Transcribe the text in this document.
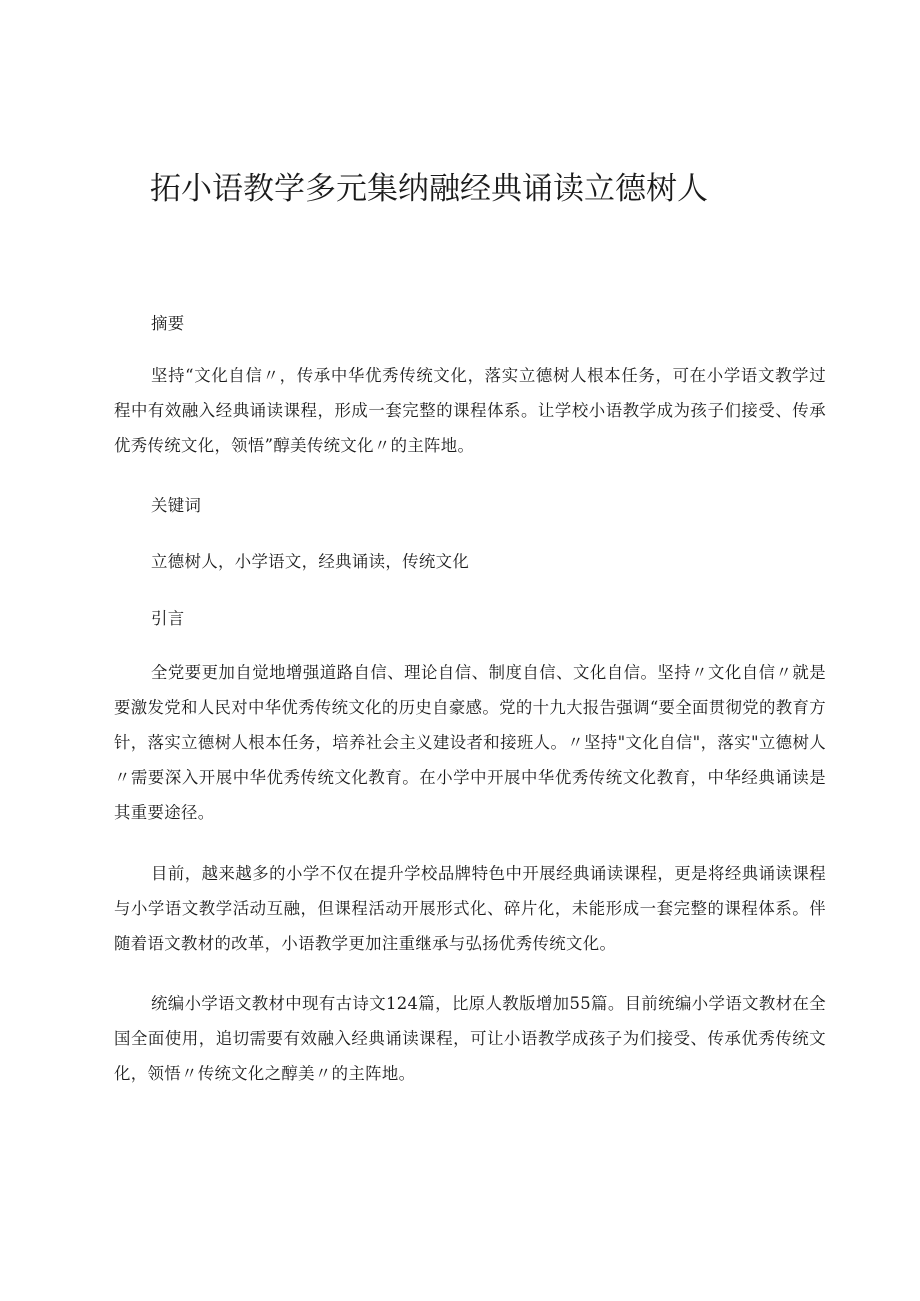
拓小语教学多元集纳融经典诵读立德树人

摘要

坚持“文化自信〃，传承中华优秀传统文化，落实立德树人根本任务，可在小学语文教学过程中有效融入经典诵读课程，形成一套完整的课程体系。让学校小语教学成为孩子们接受、传承优秀传统文化，领悟”醇美传统文化〃的主阵地。

关键词

立德树人，小学语文，经典诵读，传统文化

引言

全党要更加自觉地增强道路自信、理论自信、制度自信、文化自信。坚持〃文化自信〃就是要激发党和人民对中华优秀传统文化的历史自豪感。党的十九大报告强调“要全面贯彻党的教育方针，落实立德树人根本任务，培养社会主义建设者和接班人。〃坚持"文化自信"，落实"立德树人〃需要深入开展中华优秀传统文化教育。在小学中开展中华优秀传统文化教育，中华经典诵读是其重要途径。

目前，越来越多的小学不仅在提升学校品牌特色中开展经典诵读课程，更是将经典诵读课程与小学语文教学活动互融，但课程活动开展形式化、碎片化，未能形成一套完整的课程体系。伴随着语文教材的改革，小语教学更加注重继承与弘扬优秀传统文化。

统编小学语文教材中现有古诗文124篇，比原人教版增加55篇。目前统编小学语文教材在全国全面使用，追切需要有效融入经典诵读课程，可让小语教学成孩子为们接受、传承优秀传统文化，领悟〃传统文化之醇美〃的主阵地。
